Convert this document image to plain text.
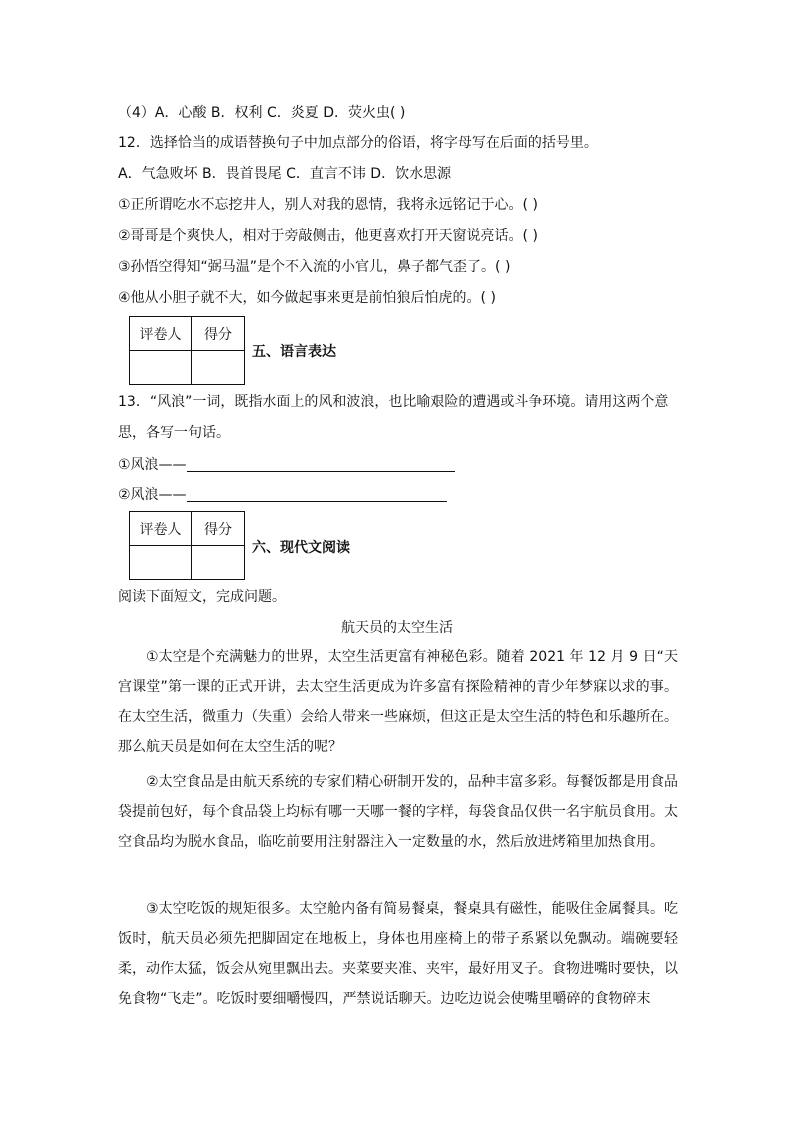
（4）A．心酸 B．权利 C．炎夏 D．荧火虫( )
12．选择恰当的成语替换句子中加点部分的俗语，将字母写在后面的括号里。
A．气急败坏 B．畏首畏尾 C．直言不讳 D．饮水思源
①正所谓吃水不忘挖井人，别人对我的恩情，我将永远铭记于心。( )
②哥哥是个爽快人，相对于旁敲侧击，他更喜欢打开天窗说亮话。( )
③孙悟空得知“弼马温”是个不入流的小官儿，鼻子都气歪了。( )
④他从小胆子就不大，如今做起事来更是前怕狼后怕虎的。( )
评卷人	得分

五、语言表达
13．“风浪”一词，既指水面上的风和波浪，也比喻艰险的遭遇或斗争环境。请用这两个意
思，各写一句话。
①风浪——
②风浪——
评卷人	得分

六、现代文阅读
阅读下面短文，完成问题。
航天员的太空生活
①太空是个充满魅力的世界，太空生活更富有神秘色彩。随着 2021 年 12 月 9 日“天宫课堂”第一课的正式开讲，去太空生活更成为许多富有探险精神的青少年梦寐以求的事。在太空生活，微重力（失重）会给人带来一些麻烦，但这正是太空生活的特色和乐趣所在。那么航天员是如何在太空生活的呢？
②太空食品是由航天系统的专家们精心研制开发的，品种丰富多彩。每餐饭都是用食品袋提前包好，每个食品袋上均标有哪一天哪一餐的字样，每袋食品仅供一名宇航员食用。太空食品均为脱水食品，临吃前要用注射器注入一定数量的水，然后放进烤箱里加热食用。
③太空吃饭的规矩很多。太空舱内备有简易餐桌，餐桌具有磁性，能吸住金属餐具。吃饭时，航天员必须先把脚固定在地板上，身体也用座椅上的带子系紧以免飘动。端碗要轻柔，动作太猛，饭会从宛里飘出去。夹菜要夹准、夹牢，最好用叉子。食物进嘴时要快，以免食物“飞走”。吃饭时要细嚼慢四，严禁说话聊天。边吃边说会使嘴里嚼碎的食物碎末
